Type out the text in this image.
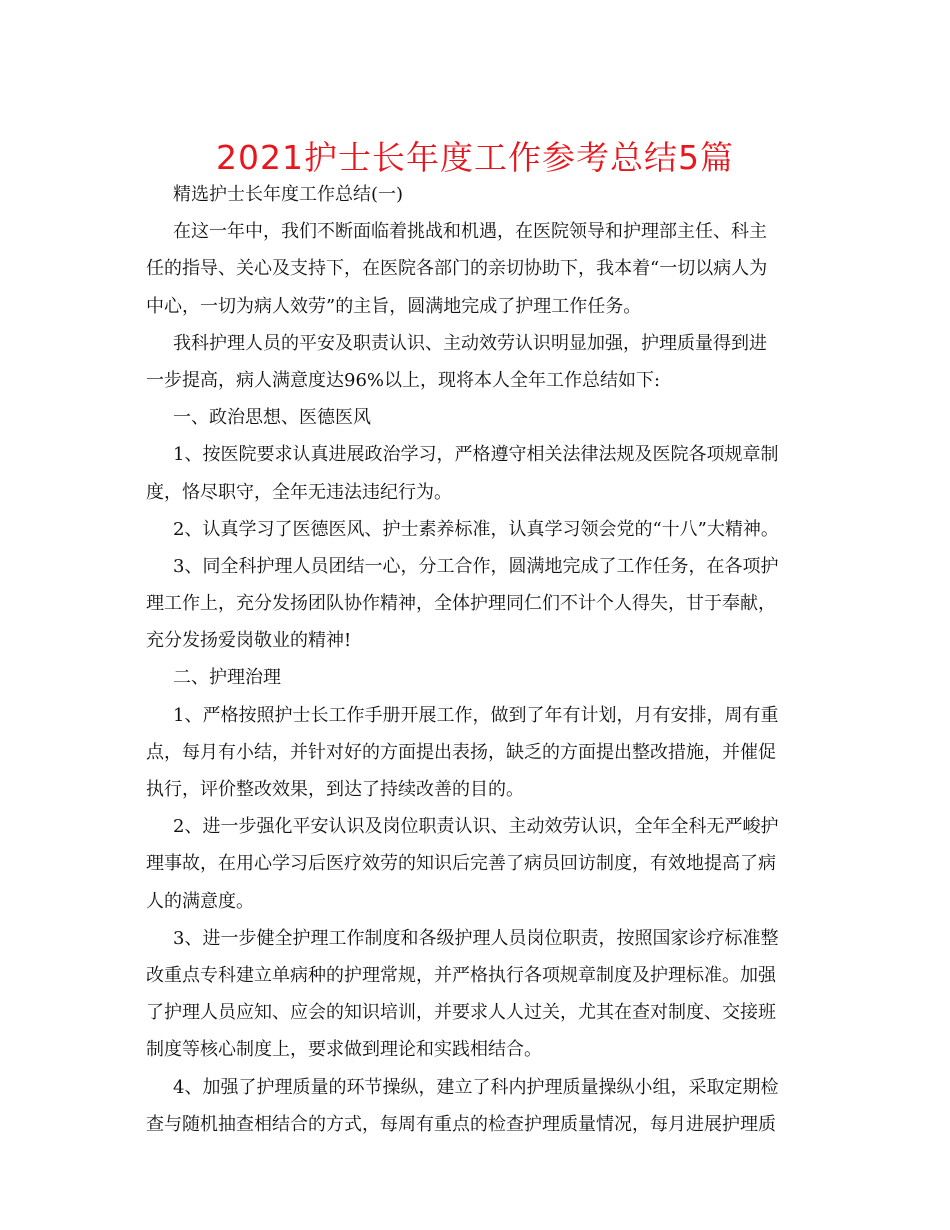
2021护士长年度工作参考总结5篇
精选护士长年度工作总结(一)
在这一年中，我们不断面临着挑战和机遇，在医院领导和护理部主任、科主
任的指导、关心及支持下，在医院各部门的亲切协助下，我本着“一切以病人为
中心，一切为病人效劳”的主旨，圆满地完成了护理工作任务。
我科护理人员的平安及职责认识、主动效劳认识明显加强，护理质量得到进
一步提高，病人满意度达96%以上，现将本人全年工作总结如下:
一、政治思想、医德医风
1、按医院要求认真进展政治学习，严格遵守相关法律法规及医院各项规章制
度，恪尽职守，全年无违法违纪行为。
2、认真学习了医德医风、护士素养标准，认真学习领会党的“十八”大精神。
3、同全科护理人员团结一心，分工合作，圆满地完成了工作任务，在各项护
理工作上，充分发扬团队协作精神，全体护理同仁们不计个人得失，甘于奉献，
充分发扬爱岗敬业的精神!
二、护理治理
1、严格按照护士长工作手册开展工作，做到了年有计划，月有安排，周有重
点，每月有小结，并针对好的方面提出表扬，缺乏的方面提出整改措施，并催促
执行，评价整改效果，到达了持续改善的目的。
2、进一步强化平安认识及岗位职责认识、主动效劳认识，全年全科无严峻护
理事故，在用心学习后医疗效劳的知识后完善了病员回访制度，有效地提高了病
人的满意度。
3、进一步健全护理工作制度和各级护理人员岗位职责，按照国家诊疗标准整
改重点专科建立单病种的护理常规，并严格执行各项规章制度及护理标准。加强
了护理人员应知、应会的知识培训，并要求人人过关，尤其在查对制度、交接班
制度等核心制度上，要求做到理论和实践相结合。
4、加强了护理质量的环节操纵，建立了科内护理质量操纵小组，采取定期检
查与随机抽查相结合的方式，每周有重点的检查护理质量情况，每月进展护理质
